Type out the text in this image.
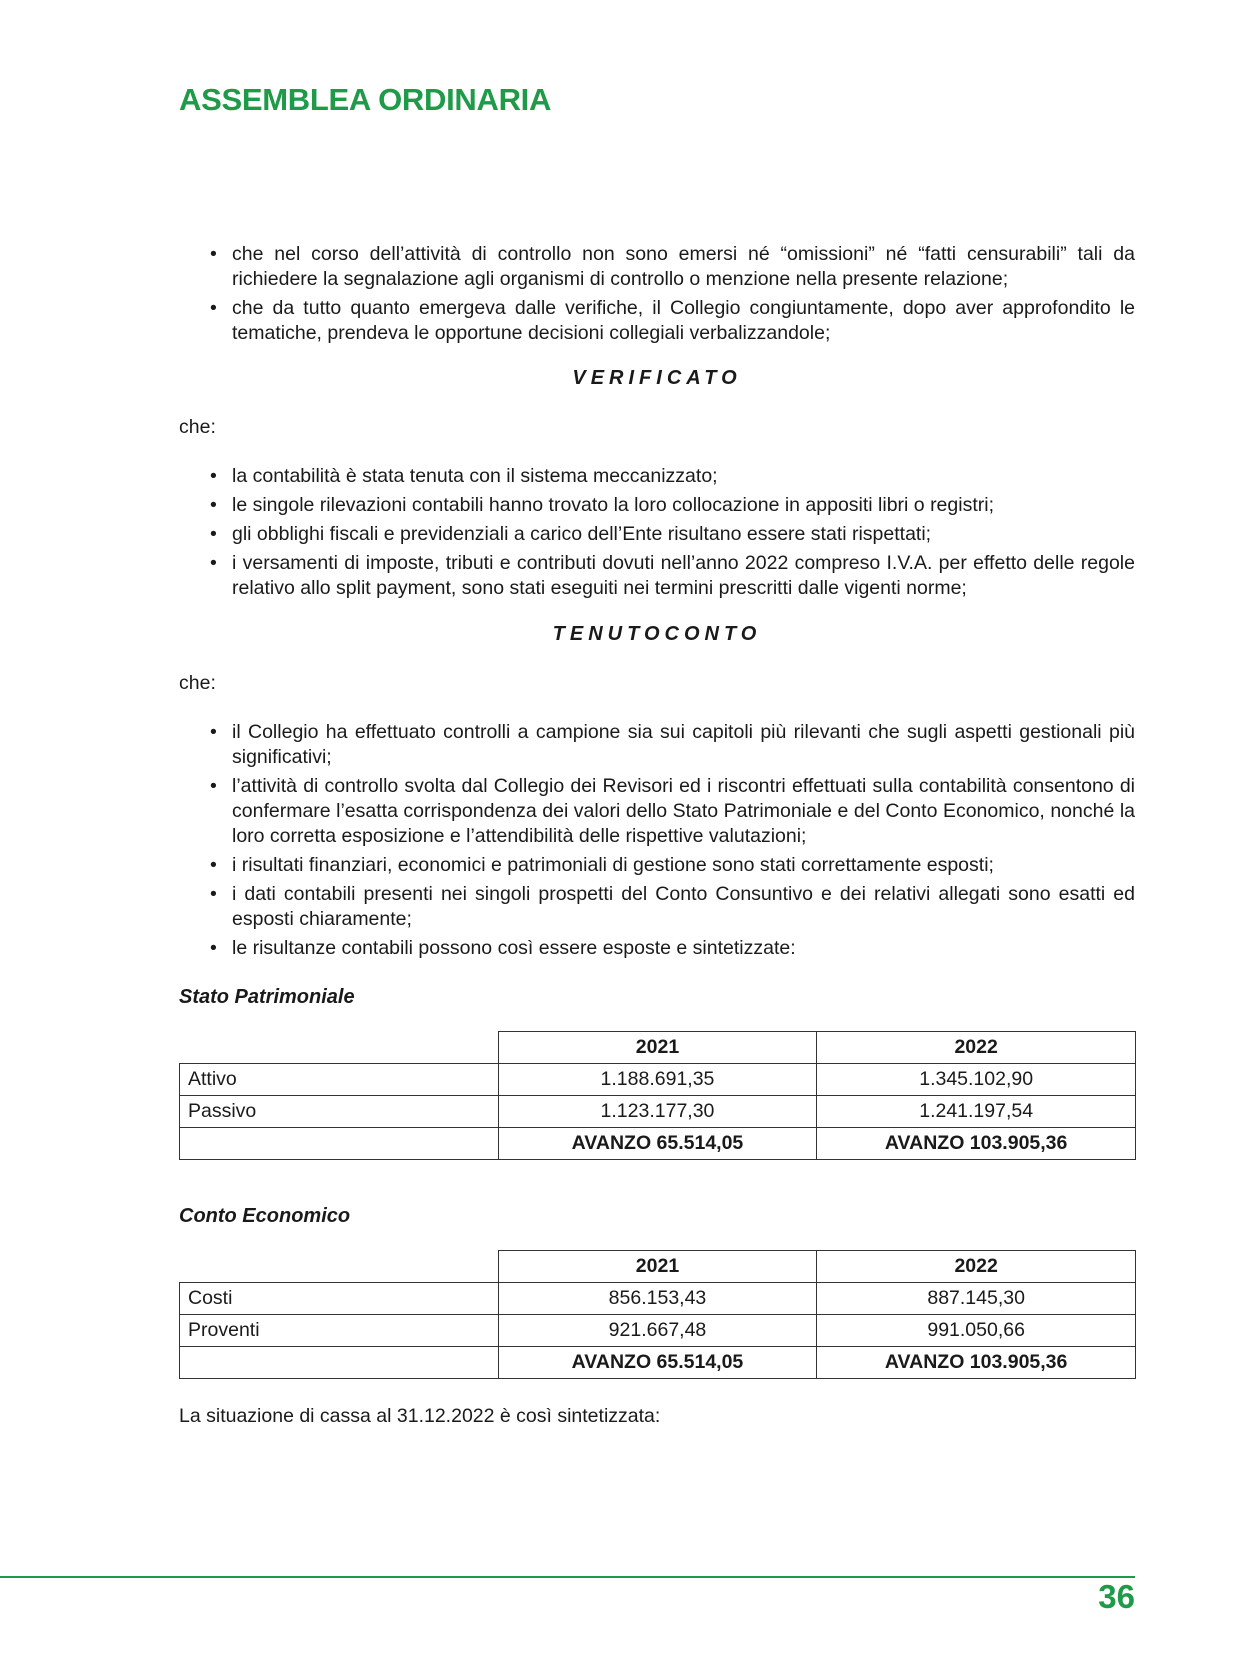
ASSEMBLEA ORDINARIA
• che nel corso dell’attività di controllo non sono emersi né “omissioni” né “fatti censurabili” tali da richiedere la segnalazione agli organismi di controllo o menzione nella presente relazione;
• che da tutto quanto emergeva dalle verifiche, il Collegio congiuntamente, dopo aver approfondito le tematiche, prendeva le opportune decisioni collegiali verbalizzandole;

VERIFICATO

che:

• la contabilità è stata tenuta con il sistema meccanizzato;
• le singole rilevazioni contabili hanno trovato la loro collocazione in appositi libri o registri;
• gli obblighi fiscali e previdenziali a carico dell’Ente risultano essere stati rispettati;
• i versamenti di imposte, tributi e contributi dovuti nell’anno 2022 compreso I.V.A. per effetto delle regole relativo allo split payment, sono stati eseguiti nei termini prescritti dalle vigenti norme;

TENUTOCONTO

che:

• il Collegio ha effettuato controlli a campione sia sui capitoli più rilevanti che sugli aspetti gestionali più significativi;
• l’attività di controllo svolta dal Collegio dei Revisori ed i riscontri effettuati sulla contabilità consentono di confermare l’esatta corrispondenza dei valori dello Stato Patrimoniale e del Conto Economico, nonché la loro corretta esposizione e l’attendibilità delle rispettive valutazioni;
• i risultati finanziari, economici e patrimoniali di gestione sono stati correttamente esposti;
• i dati contabili presenti nei singoli prospetti del Conto Consuntivo e dei relativi allegati sono esatti ed esposti chiaramente;
• le risultanze contabili possono così essere esposte e sintetizzate:

Stato Patrimoniale

	2021	2022
Attivo	1.188.691,35	1.345.102,90
Passivo	1.123.177,30	1.241.197,54
	AVANZO 65.514,05	AVANZO 103.905,36

Conto Economico

	2021	2022
Costi	856.153,43	887.145,30
Proventi	921.667,48	991.050,66
	AVANZO 65.514,05	AVANZO 103.905,36

La situazione di cassa al 31.12.2022 è così sintetizzata:

36
